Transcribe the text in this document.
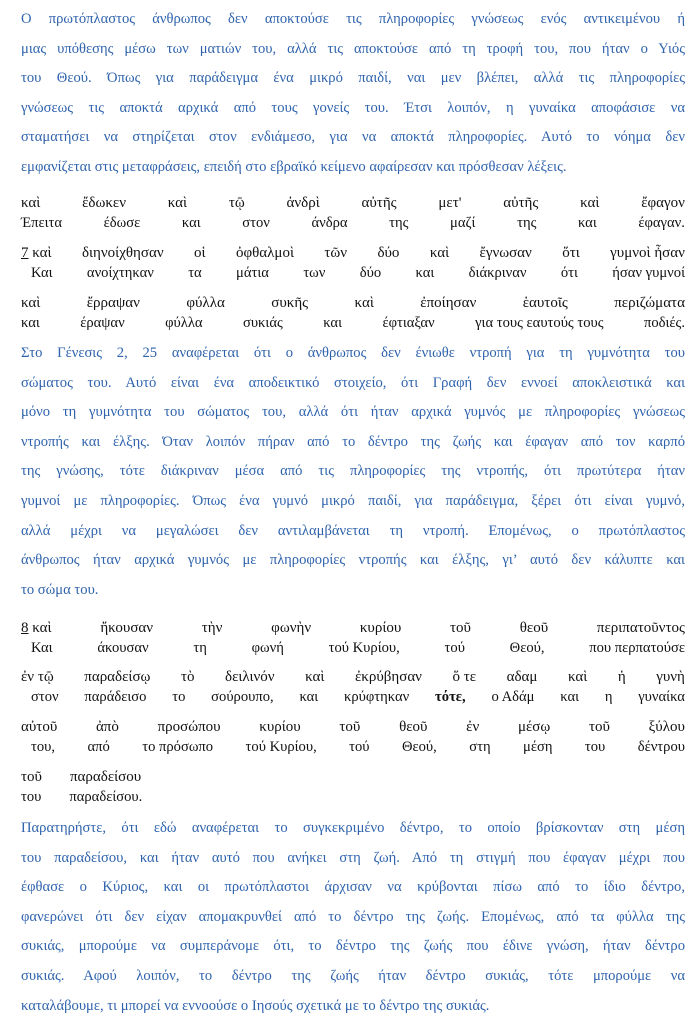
Ο πρωτόπλαστος άνθρωπος δεν αποκτούσε τις πληροφορίες γνώσεως ενός αντικειμένου ή
μιας υπόθεσης μέσω των ματιών του, αλλά τις αποκτούσε από τη τροφή του, που ήταν ο Υιός
του Θεού. Όπως για παράδειγμα ένα μικρό παιδί, ναι μεν βλέπει, αλλά τις πληροφορίες
γνώσεως τις αποκτά αρχικά από τους γονείς του. Έτσι λοιπόν, η γυναίκα αποφάσισε να
σταματήσει να στηρίζεται στον ενδιάμεσο, για να αποκτά πληροφορίες. Αυτό το νόημα δεν
εμφανίζεται στις μεταφράσεις, επειδή στο εβραϊκό κείμενο αφαίρεσαν και πρόσθεσαν λέξεις.
καὶ	ἔδωκεν	καὶ	τῷ	ἀνδρὶ	αὐτῆς	μετ'	αὐτῆς	καὶ	ἔφαγον
Έπειτα	έδωσε	και	στον	άνδρα	της	μαζί	της	και	έφαγαν.
7 καὶ διηνοίχθησαν οἱ ὀφθαλμοὶ τῶν δύο καὶ ἔγνωσαν ὅτι γυμνοὶ ἦσαν
Και ανοίχτηκαν τα μάτια των δύο και διάκριναν ότι ήσαν γυμνοί
καὶ	ἔρραψαν	φύλλα	συκῆς	καὶ	ἐποίησαν	ἑαυτοῖς	περιζώματα
και	έραψαν	φύλλα	συκιάς	και	έφτιαξαν	για τους εαυτούς τους	ποδιές.
Στο Γένεσις 2, 25 αναφέρεται ότι ο άνθρωπος δεν ένιωθε ντροπή για τη γυμνότητα του
σώματος του. Αυτό είναι ένα αποδεικτικό στοιχείο, ότι Γραφή δεν εννοεί αποκλειστικά και
μόνο τη γυμνότητα του σώματος του, αλλά ότι ήταν αρχικά γυμνός με πληροφορίες γνώσεως
ντροπής και έλξης. Όταν λοιπόν πήραν από το δέντρο της ζωής και έφαγαν από τον καρπό
της γνώσης, τότε διάκριναν μέσα από τις πληροφορίες της ντροπής, ότι πρωτύτερα ήταν
γυμνοί με πληροφορίες. Όπως ένα γυμνό μικρό παιδί, για παράδειγμα, ξέρει ότι είναι γυμνό,
αλλά μέχρι να μεγαλώσει δεν αντιλαμβάνεται τη ντροπή. Επομένως, ο πρωτόπλαστος
άνθρωπος ήταν αρχικά γυμνός με πληροφορίες ντροπής και έλξης, γι’ αυτό δεν κάλυπτε και
το σώμα του.
8 καὶ	ἤκουσαν	τὴν	φωνὴν	κυρίου	τοῦ	θεοῦ	περιπατοῦντος
Και	άκουσαν	τη	φωνή	τού Κυρίου,	τού	Θεού,	που περπατούσε
ἐν τῷ παραδείσῳ τὸ δειλινόν καὶ ἐκρύβησαν ὅ τε αδαμ καὶ ἡ γυνὴ
στον παράδεισο το σούρουπο, και κρύφτηκαν τότε, ο Αδάμ και η γυναίκα
αὐτοῦ	ἀπὸ	προσώπου	κυρίου	τοῦ	θεοῦ	ἐν	μέσῳ	τοῦ	ξύλου
του, από το πρόσωπο τού Κυρίου, τού Θεού, στη μέση του δέντρου
τοῦ παραδείσου
του παραδείσου.
Παρατηρήστε, ότι εδώ αναφέρεται το συγκεκριμένο δέντρο, το οποίο βρίσκονταν στη μέση
του παραδείσου, και ήταν αυτό που ανήκει στη ζωή. Από τη στιγμή που έφαγαν μέχρι που
έφθασε ο Κύριος, και οι πρωτόπλαστοι άρχισαν να κρύβονται πίσω από το ίδιο δέντρο,
φανερώνει ότι δεν είχαν απομακρυνθεί από το δέντρο της ζωής. Επομένως, από τα φύλλα της
συκιάς, μπορούμε να συμπεράνομε ότι, το δέντρο της ζωής που έδινε γνώση, ήταν δέντρο
συκιάς. Αφού λοιπόν, το δέντρο της ζωής ήταν δέντρο συκιάς, τότε μπορούμε να
καταλάβουμε, τι μπορεί να εννοούσε ο Ιησούς σχετικά με το δέντρο της συκιάς.
